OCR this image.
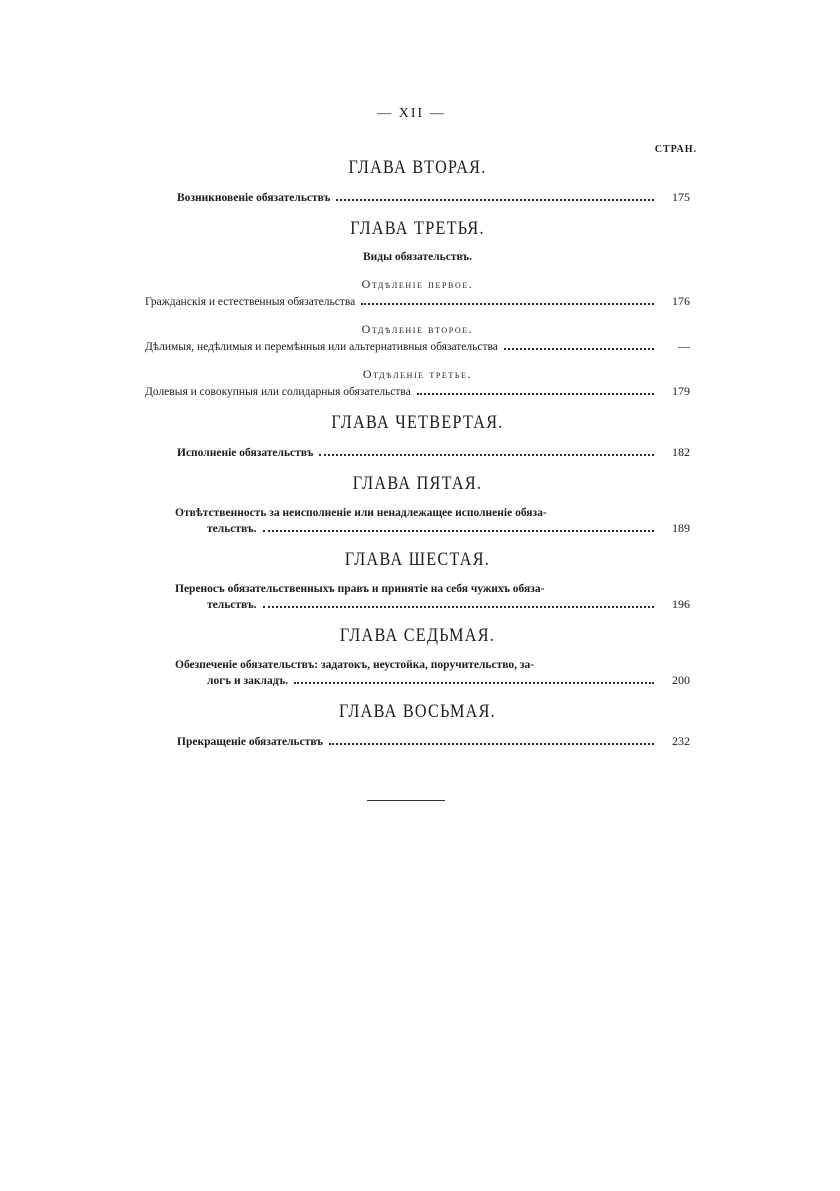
— XII —
СТРАН.
ГЛАВА ВТОРАЯ.
Возникновеніе обязательствъ	175
ГЛАВА ТРЕТЬЯ.
Виды обязательствъ.
Отдѣленіе первое.
Гражданскія и естественныя обязательства	176
Отдѣленіе второе.
Дѣлимыя, недѣлимыя и перемѣнныя или альтернативныя обязательства	—
Отдѣленіе третье.
Долевыя и совокупныя или солидарныя обязательства	179
ГЛАВА ЧЕТВЕРТАЯ.
Исполненіе обязательствъ	182
ГЛАВА ПЯТАЯ.
Отвѣтственность за неисполненіе или ненадлежащее исполненіе обяза-
тельствъ.	189
ГЛАВА ШЕСТАЯ.
Переносъ обязательственныхъ правъ и принятіе на себя чужихъ обяза-
тельствъ.	196
ГЛАВА СЕДЬМАЯ.
Обезпеченіе обязательствъ: задатокъ, неустойка, поручительство, за-
логъ и закладъ.	200
ГЛАВА ВОСЬМАЯ.
Прекращеніе обязательствъ	232
